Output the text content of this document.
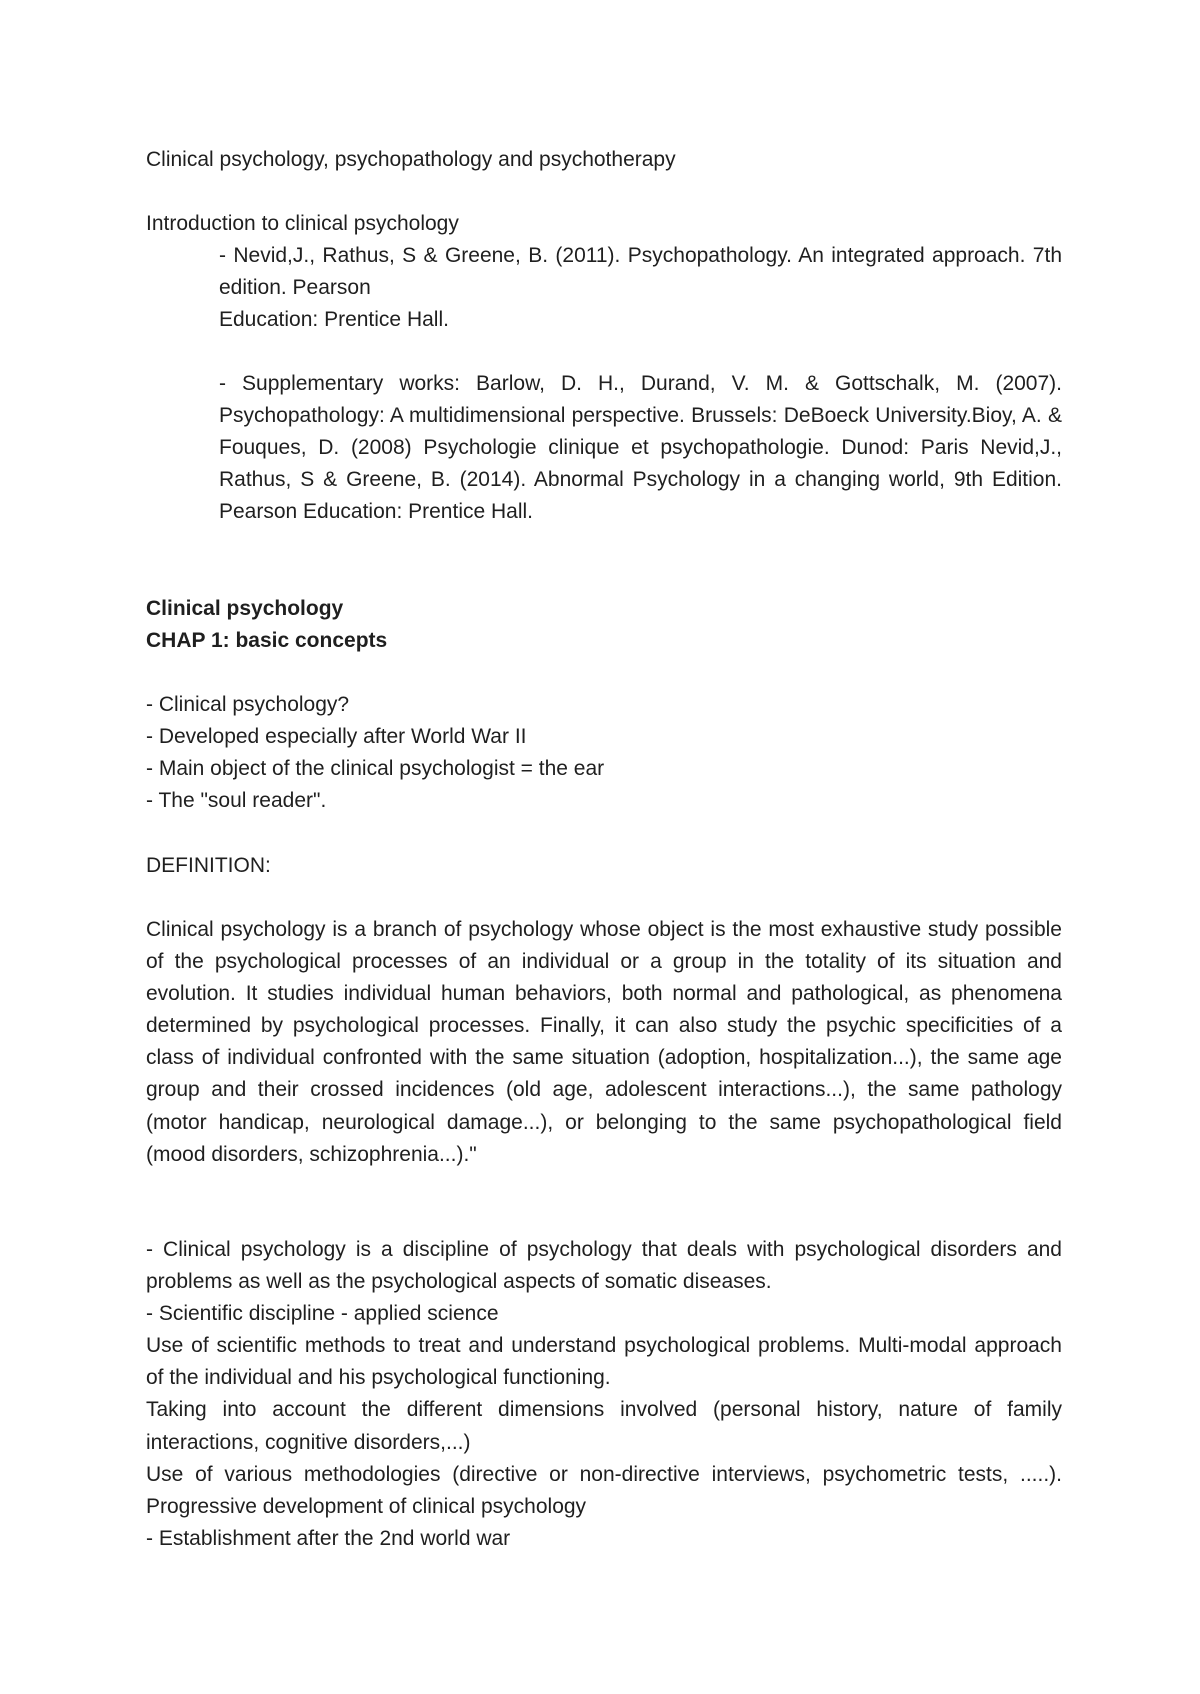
Clinical psychology, psychopathology and psychotherapy

Introduction to clinical psychology

- Nevid,J., Rathus, S & Greene, B. (2011). Psychopathology. An integrated approach. 7th edition. Pearson

Education: Prentice Hall.

- Supplementary works: Barlow, D. H., Durand, V. M. & Gottschalk, M. (2007). Psychopathology: A multidimensional perspective. Brussels: DeBoeck University.Bioy, A. & Fouques, D. (2008) Psychologie clinique et psychopathologie. Dunod: Paris Nevid,J., Rathus, S & Greene, B. (2014). Abnormal Psychology in a changing world, 9th Edition. Pearson Education: Prentice Hall.

Clinical psychology

CHAP 1: basic concepts

- Clinical psychology?

- Developed especially after World War II

- Main object of the clinical psychologist = the ear

- The "soul reader".

DEFINITION:

Clinical psychology is a branch of psychology whose object is the most exhaustive study possible of the psychological processes of an individual or a group in the totality of its situation and evolution. It studies individual human behaviors, both normal and pathological, as phenomena determined by psychological processes. Finally, it can also study the psychic specificities of a class of individual confronted with the same situation (adoption, hospitalization...), the same age group and their crossed incidences (old age, adolescent interactions...), the same pathology (motor handicap, neurological damage...), or belonging to the same psychopathological field (mood disorders, schizophrenia...)."

- Clinical psychology is a discipline of psychology that deals with psychological disorders and problems as well as the psychological aspects of somatic diseases.

- Scientific discipline - applied science

Use of scientific methods to treat and understand psychological problems. Multi-modal approach of the individual and his psychological functioning.

Taking into account the different dimensions involved (personal history, nature of family interactions, cognitive disorders,...)

Use of various methodologies (directive or non-directive interviews, psychometric tests, .....). Progressive development of clinical psychology

- Establishment after the 2nd world war
